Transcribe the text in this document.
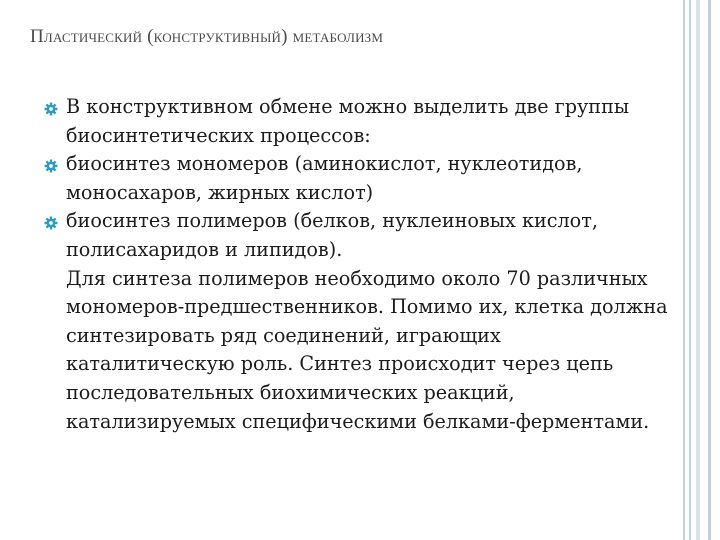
Пластический (конструктивный) метаболизм
В конструктивном обмене можно выделить две группы биосинтетических процессов:
биосинтез мономеров (аминокислот, нуклеотидов, моносахаров, жирных кислот)
биосинтез полимеров (белков, нуклеиновых кислот, полисахаридов и липидов).
Для синтеза полимеров необходимо около 70 различных мономеров-предшественников. Помимо их, клетка должна синтезировать ряд соединений, играющих каталитическую роль. Синтез происходит через цепь последовательных биохимических реакций, катализируемых специфическими белками-ферментами.
